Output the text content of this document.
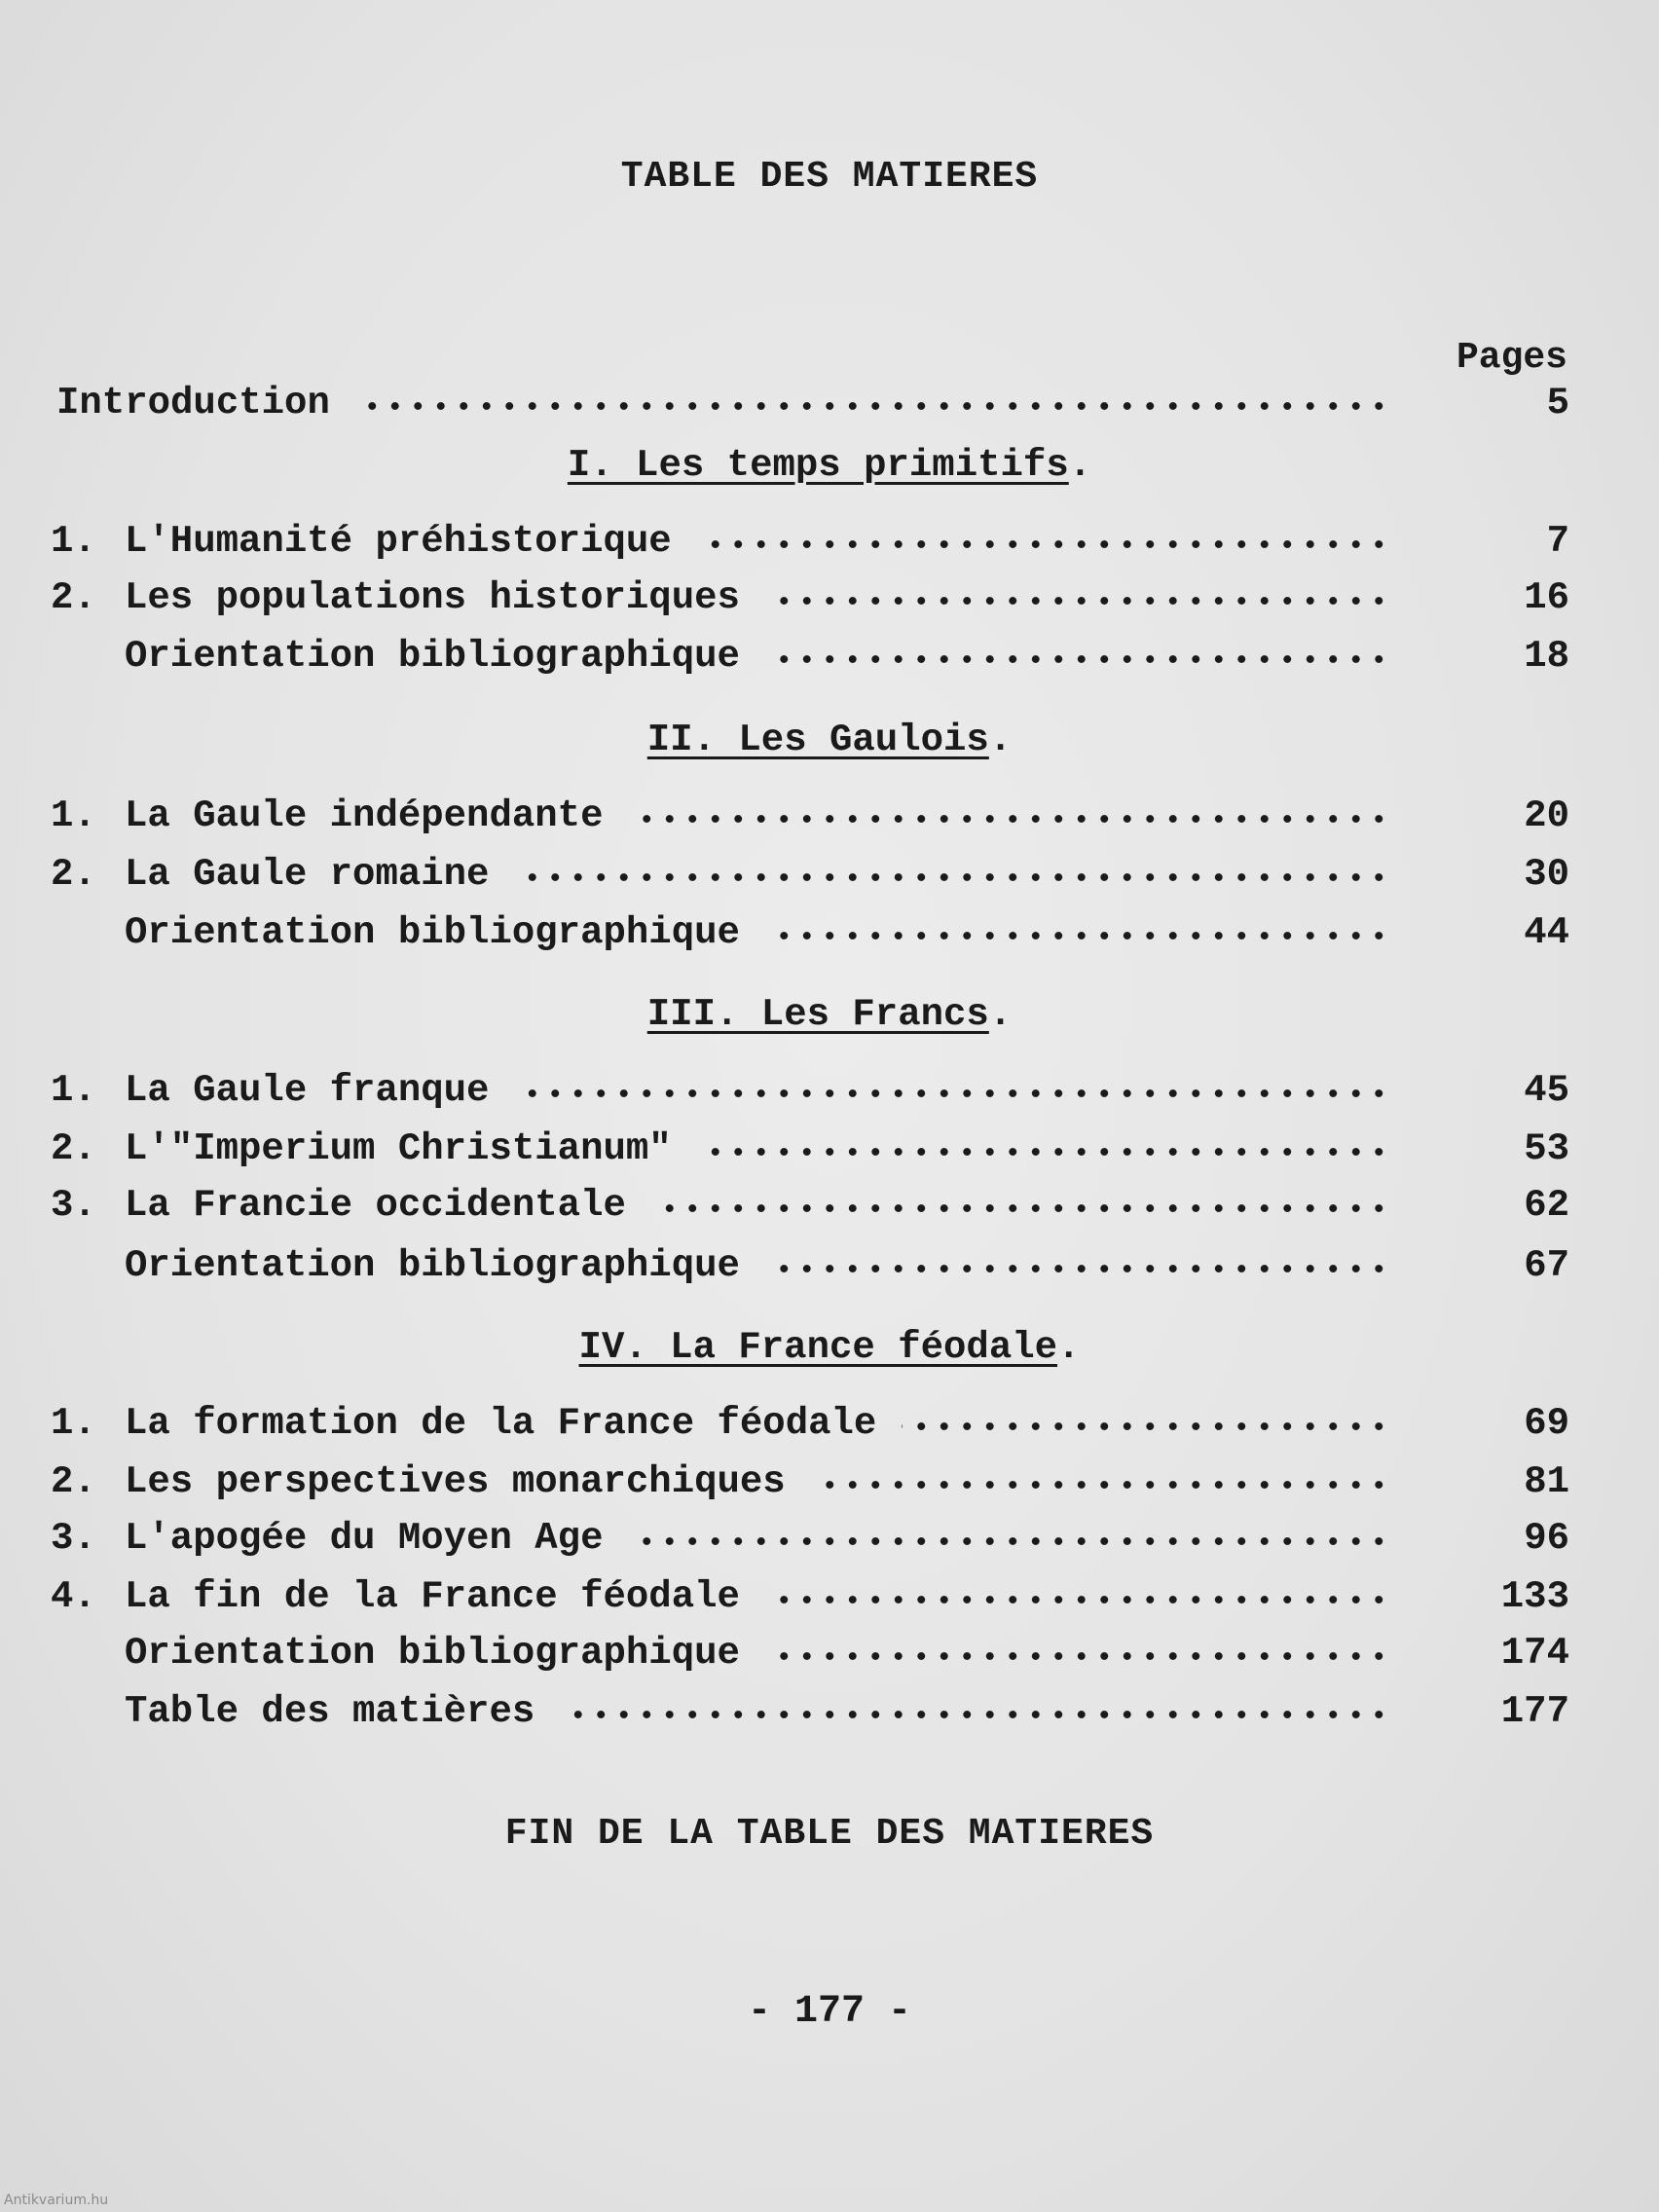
TABLE DES MATIERES
Pages
Introduction	5
I. Les temps primitifs.
1. L'Humanité préhistorique	7
2. Les populations historiques	16
Orientation bibliographique	18
II. Les Gaulois.
1. La Gaule indépendante	20
2. La Gaule romaine	30
Orientation bibliographique	44
III. Les Francs.
1. La Gaule franque	45
2. L'"Imperium Christianum"	53
3. La Francie occidentale	62
Orientation bibliographique	67
IV. La France féodale.
1. La formation de la France féodale	69
2. Les perspectives monarchiques	81
3. L'apogée du Moyen Age	96
4. La fin de la France féodale	133
Orientation bibliographique	174
Table des matières	177
FIN DE LA TABLE DES MATIERES
- 177 -
Antikvarium.hu
